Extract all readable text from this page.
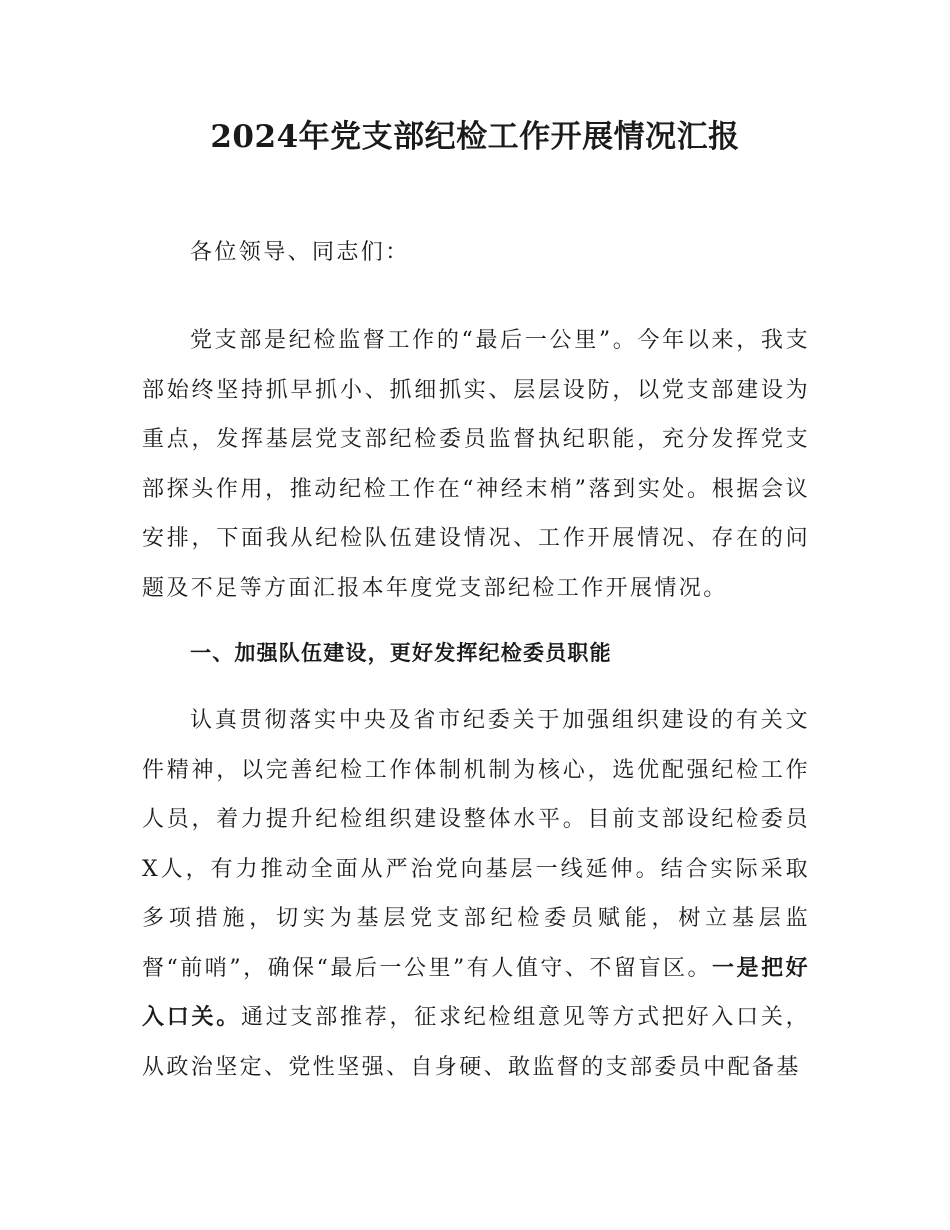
2024年党支部纪检工作开展情况汇报

各位领导、同志们：

党支部是纪检监督工作的“最后一公里”。今年以来，我支部始终坚持抓早抓小、抓细抓实、层层设防，以党支部建设为重点，发挥基层党支部纪检委员监督执纪职能，充分发挥党支部探头作用，推动纪检工作在“神经末梢”落到实处。根据会议安排，下面我从纪检队伍建设情况、工作开展情况、存在的问题及不足等方面汇报本年度党支部纪检工作开展情况。

一、加强队伍建设，更好发挥纪检委员职能

认真贯彻落实中央及省市纪委关于加强组织建设的有关文件精神，以完善纪检工作体制机制为核心，选优配强纪检工作人员，着力提升纪检组织建设整体水平。目前支部设纪检委员X人，有力推动全面从严治党向基层一线延伸。结合实际采取多项措施，切实为基层党支部纪检委员赋能，树立基层监督“前哨”，确保“最后一公里”有人值守、不留盲区。一是把好入口关。通过支部推荐，征求纪检组意见等方式把好入口关，从政治坚定、党性坚强、自身硬、敢监督的支部委员中配备基
